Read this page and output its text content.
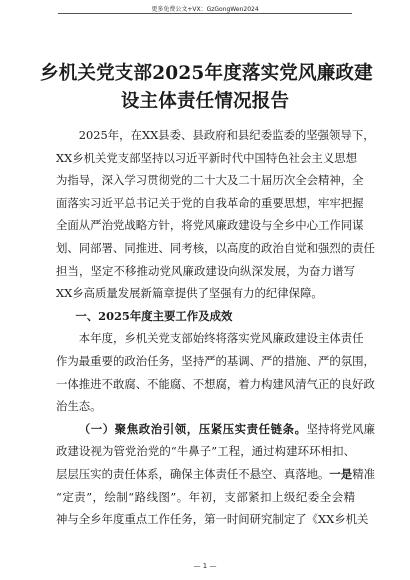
更多免费公文+VX：GzGongWen2024
乡机关党支部2025年度落实党风廉政建
设主体责任情况报告
2025年，在XX县委、县政府和县纪委监委的坚强领导下，
XX乡机关党支部坚持以习近平新时代中国特色社会主义思想
为指导，深入学习贯彻党的二十大及二十届历次全会精神，全
面落实习近平总书记关于党的自我革命的重要思想，牢牢把握
全面从严治党战略方针，将党风廉政建设与全乡中心工作同谋
划、同部署、同推进、同考核，以高度的政治自觉和强烈的责任
担当，坚定不移推动党风廉政建设向纵深发展，为奋力谱写
XX乡高质量发展新篇章提供了坚强有力的纪律保障。
一、2025年度主要工作及成效
本年度，乡机关党支部始终将落实党风廉政建设主体责任
作为最重要的政治任务，坚持严的基调、严的措施、严的氛围，
一体推进不敢腐、不能腐、不想腐，着力构建风清气正的良好政
治生态。
（一）聚焦政治引领，压紧压实责任链条。坚持将党风廉
政建设视为管党治党的“牛鼻子”工程，通过构建环环相扣、
层层压实的责任体系，确保主体责任不悬空、真落地。一是精准
“定责”，绘制“路线图”。年初，支部紧扣上级纪委全会精
神与全乡年度重点工作任务，第一时间研究制定了《XX乡机关
— 1 —
